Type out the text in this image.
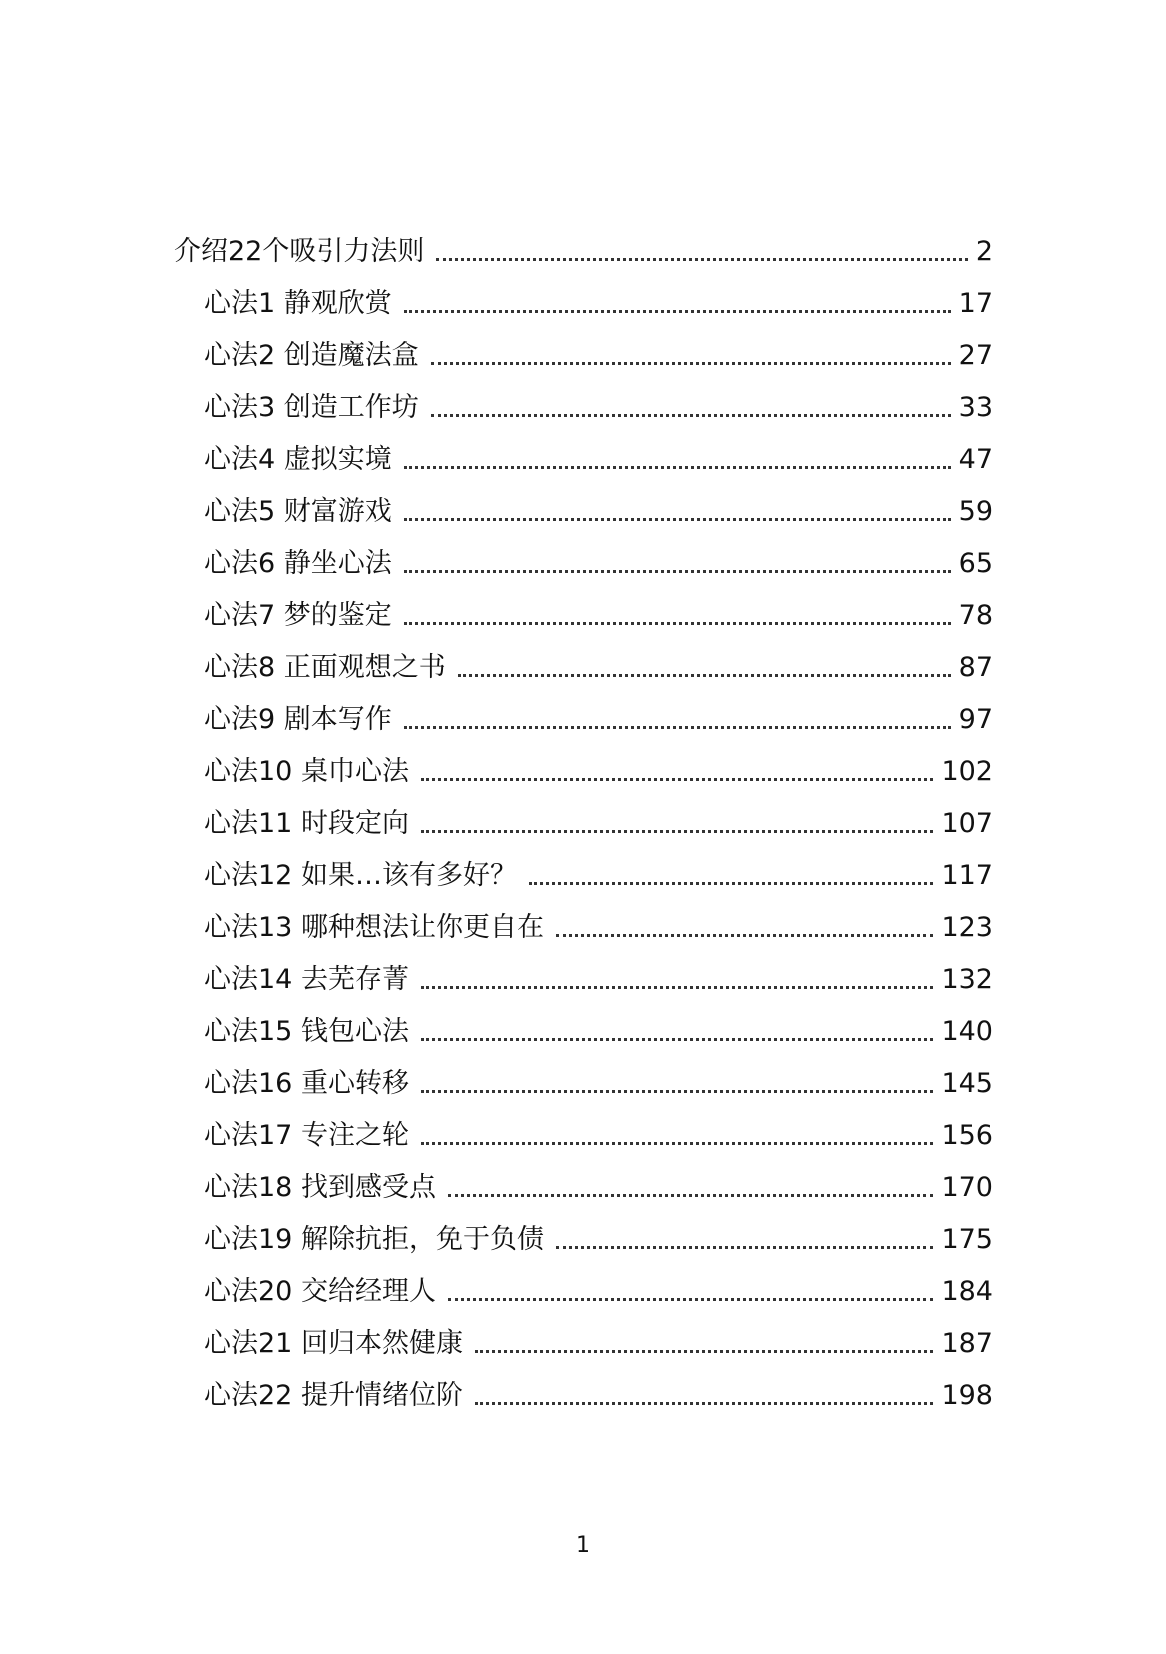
介绍22个吸引力法则	2
心法1 静观欣赏	17
心法2 创造魔法盒	27
心法3 创造工作坊	33
心法4 虚拟实境	47
心法5 财富游戏	59
心法6 静坐心法	65
心法7 梦的鉴定	78
心法8 正面观想之书	87
心法9 剧本写作	97
心法10 桌巾心法	102
心法11 时段定向	107
心法12 如果…该有多好？	117
心法13 哪种想法让你更自在	123
心法14 去芜存菁	132
心法15 钱包心法	140
心法16 重心转移	145
心法17 专注之轮	156
心法18 找到感受点	170
心法19 解除抗拒，免于负债	175
心法20 交给经理人	184
心法21 回归本然健康	187
心法22 提升情绪位阶	198
1
